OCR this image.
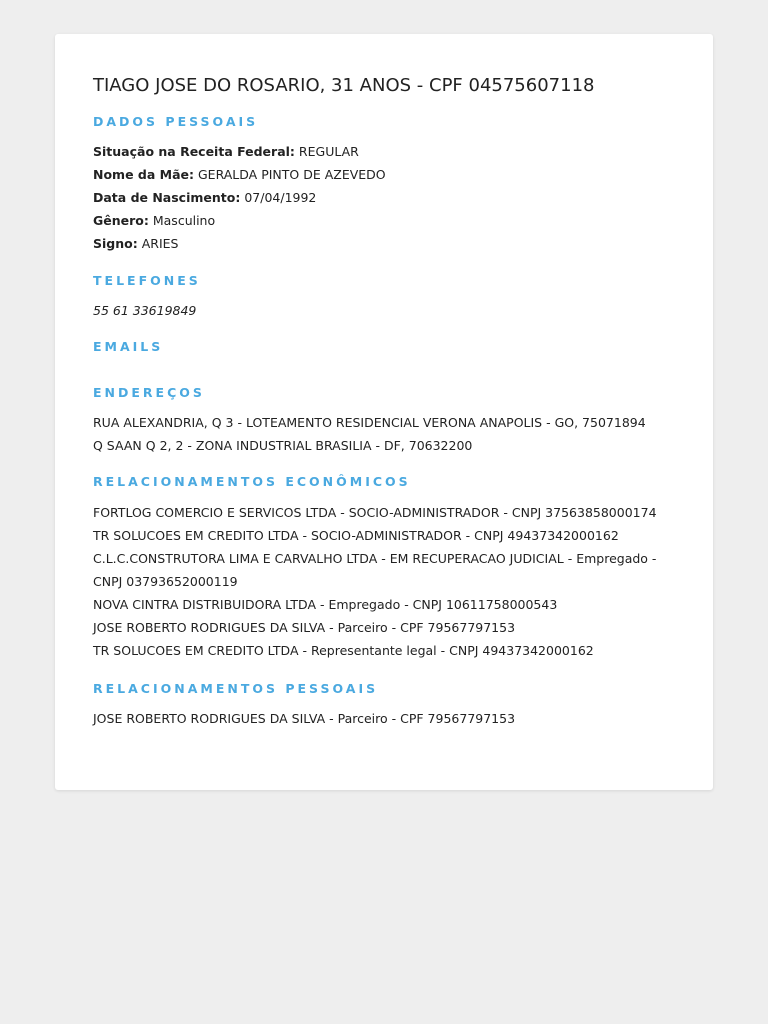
TIAGO JOSE DO ROSARIO, 31 ANOS - CPF 04575607118
DADOS PESSOAIS

Situação na Receita Federal: REGULAR

Nome da Mãe: GERALDA PINTO DE AZEVEDO

Data de Nascimento: 07/04/1992

Gênero: Masculino

Signo: ARIES

TELEFONES

55 61 33619849

EMAILS
ENDEREÇOS

RUA ALEXANDRIA, Q 3 - LOTEAMENTO RESIDENCIAL VERONA ANAPOLIS - GO, 75071894

Q SAAN Q 2, 2 - ZONA INDUSTRIAL BRASILIA - DF, 70632200

RELACIONAMENTOS ECONÔMICOS

FORTLOG COMERCIO E SERVICOS LTDA - SOCIO-ADMINISTRADOR - CNPJ 37563858000174

TR SOLUCOES EM CREDITO LTDA - SOCIO-ADMINISTRADOR - CNPJ 49437342000162

C.L.C.CONSTRUTORA LIMA E CARVALHO LTDA - EM RECUPERACAO JUDICIAL - Empregado -

CNPJ 03793652000119

NOVA CINTRA DISTRIBUIDORA LTDA - Empregado - CNPJ 10611758000543

JOSE ROBERTO RODRIGUES DA SILVA - Parceiro - CPF 79567797153

TR SOLUCOES EM CREDITO LTDA - Representante legal - CNPJ 49437342000162

RELACIONAMENTOS PESSOAIS

JOSE ROBERTO RODRIGUES DA SILVA - Parceiro - CPF 79567797153
